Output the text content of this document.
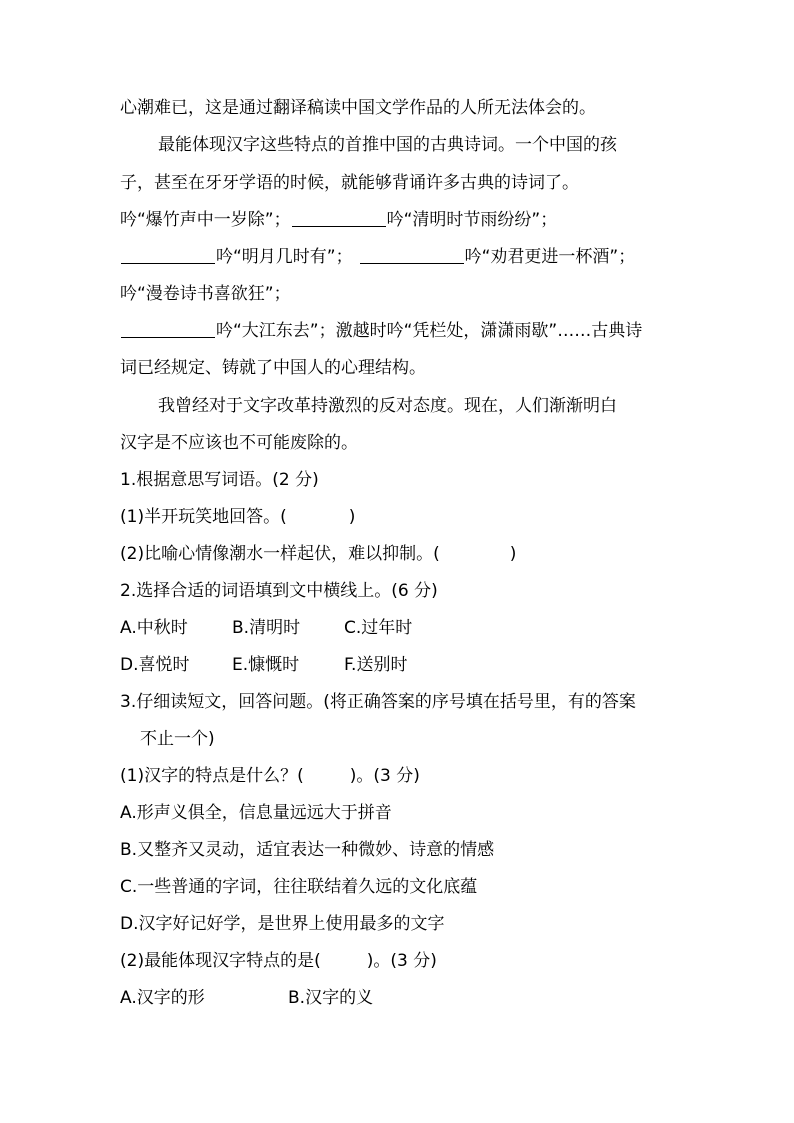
心潮难已，这是通过翻译稿读中国文学作品的人所无法体会的。
最能体现汉字这些特点的首推中国的古典诗词。一个中国的孩
子，甚至在牙牙学语的时候，就能够背诵许多古典的诗词了。
吟“爆竹声中一岁除”；	吟“清明时节雨纷纷”；
吟“明月几时有”；	吟“劝君更进一杯酒”；
吟“漫卷诗书喜欲狂”；
吟“大江东去”；激越时吟“凭栏处，潇潇雨歇”……古典诗
词已经规定、铸就了中国人的心理结构。
我曾经对于文字改革持激烈的反对态度。现在，人们渐渐明白
汉字是不应该也不可能废除的。
1.根据意思写词语。(2 分)
(1)半开玩笑地回答。(	)
(2)比喻心情像潮水一样起伏，难以抑制。(	)
2.选择合适的词语填到文中横线上。(6 分)
A.中秋时	B.清明时	C.过年时
D.喜悦时	E.慷慨时	F.送别时
3.仔细读短文，回答问题。(将正确答案的序号填在括号里，有的答案
不止一个)
(1)汉字的特点是什么？(	)。(3 分)
A.形声义俱全，信息量远远大于拼音
B.又整齐又灵动，适宜表达一种微妙、诗意的情感
C.一些普通的字词，往往联结着久远的文化底蕴
D.汉字好记好学，是世界上使用最多的文字
(2)最能体现汉字特点的是(	)。(3 分)
A.汉字的形	B.汉字的义
